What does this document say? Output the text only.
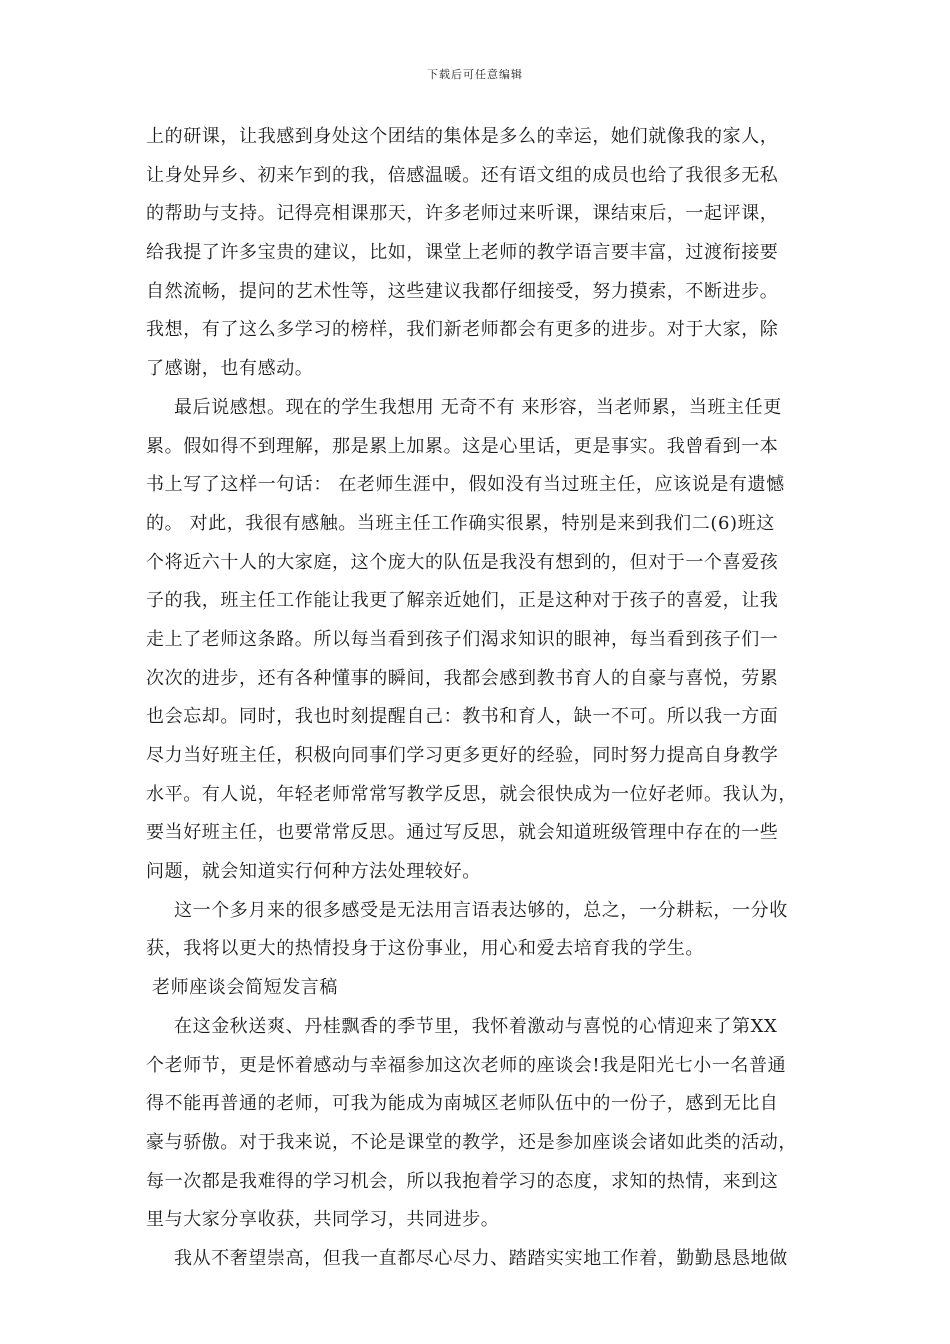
下载后可任意编辑
上的研课，让我感到身处这个团结的集体是多么的幸运，她们就像我的家人，
让身处异乡、初来乍到的我，倍感温暖。还有语文组的成员也给了我很多无私
的帮助与支持。记得亮相课那天，许多老师过来听课，课结束后，一起评课，
给我提了许多宝贵的建议，比如，课堂上老师的教学语言要丰富，过渡衔接要
自然流畅，提问的艺术性等，这些建议我都仔细接受，努力摸索，不断进步。
我想，有了这么多学习的榜样，我们新老师都会有更多的进步。对于大家，除
了感谢，也有感动。
最后说感想。现在的学生我想用 无奇不有 来形容，当老师累，当班主任更
累。假如得不到理解，那是累上加累。这是心里话，更是事实。我曾看到一本
书上写了这样一句话： 在老师生涯中，假如没有当过班主任，应该说是有遗憾
的。 对此，我很有感触。当班主任工作确实很累，特别是来到我们二(6)班这
个将近六十人的大家庭，这个庞大的队伍是我没有想到的，但对于一个喜爱孩
子的我，班主任工作能让我更了解亲近她们，正是这种对于孩子的喜爱，让我
走上了老师这条路。所以每当看到孩子们渴求知识的眼神，每当看到孩子们一
次次的进步，还有各种懂事的瞬间，我都会感到教书育人的自豪与喜悦，劳累
也会忘却。同时，我也时刻提醒自己：教书和育人，缺一不可。所以我一方面
尽力当好班主任，积极向同事们学习更多更好的经验，同时努力提高自身教学
水平。有人说，年轻老师常常写教学反思，就会很快成为一位好老师。我认为，
要当好班主任，也要常常反思。通过写反思，就会知道班级管理中存在的一些
问题，就会知道实行何种方法处理较好。
这一个多月来的很多感受是无法用言语表达够的，总之，一分耕耘，一分收
获，我将以更大的热情投身于这份事业，用心和爱去培育我的学生。
老师座谈会简短发言稿
在这金秋送爽、丹桂飘香的季节里，我怀着激动与喜悦的心情迎来了第XX
个老师节，更是怀着感动与幸福参加这次老师的座谈会!我是阳光七小一名普通
得不能再普通的老师，可我为能成为南城区老师队伍中的一份子，感到无比自
豪与骄傲。对于我来说，不论是课堂的教学，还是参加座谈会诸如此类的活动，
每一次都是我难得的学习机会，所以我抱着学习的态度，求知的热情，来到这
里与大家分享收获，共同学习，共同进步。
我从不奢望崇高，但我一直都尽心尽力、踏踏实实地工作着，勤勤恳恳地做
